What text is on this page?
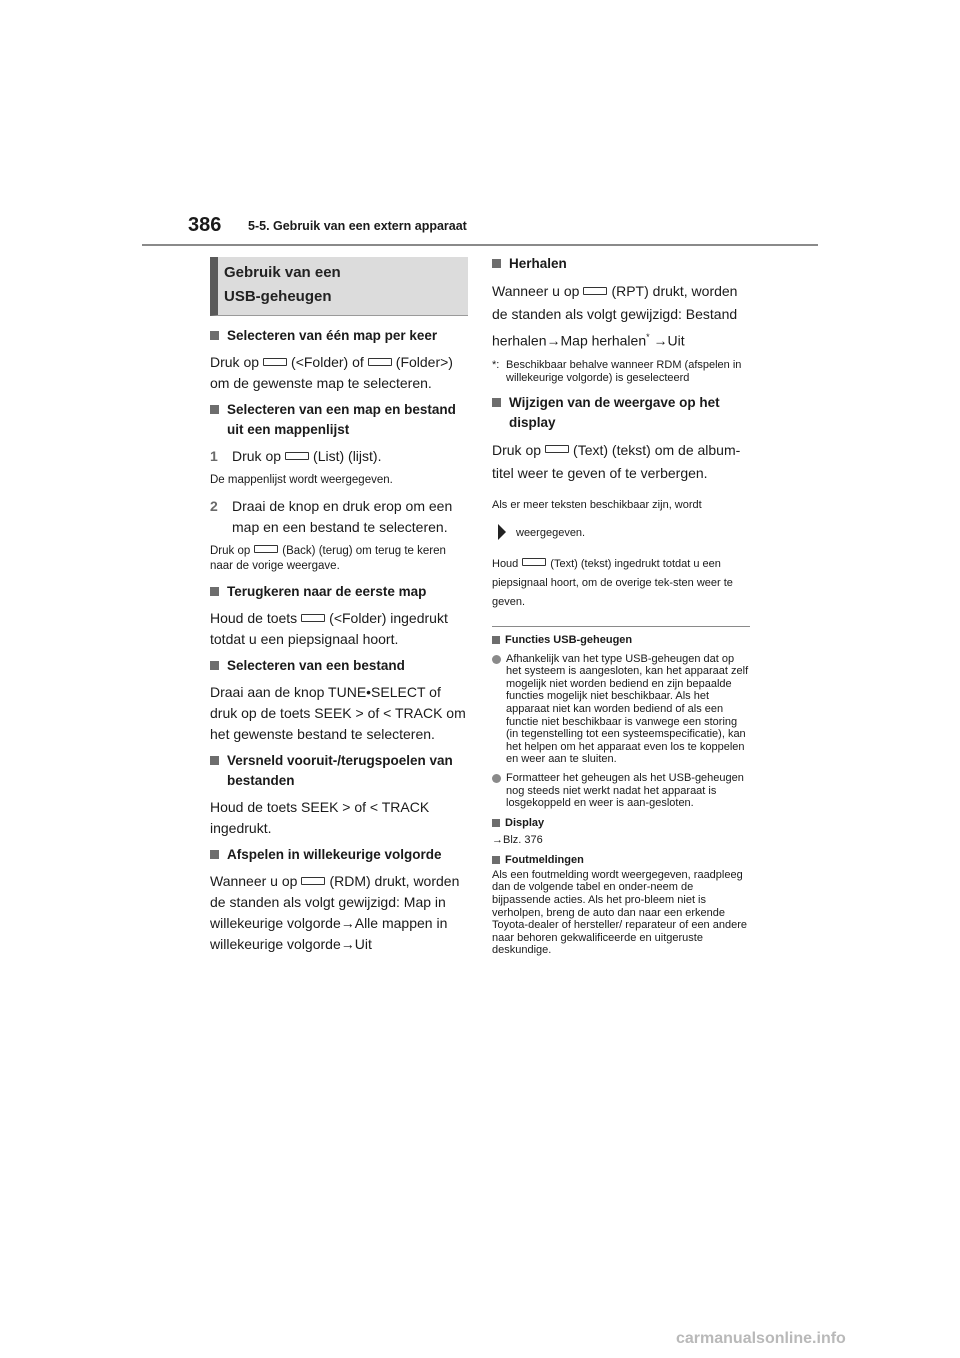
386 5-5. Gebruik van een extern apparaat
Gebruik van een
USB-geheugen
Selecteren van één map per keer
Druk op (<Folder) of (Folder>) om de gewenste map te selecteren.
Selecteren van een map en bestand uit een mappenlijst
1	Druk op (List) (lijst).
De mappenlijst wordt weergegeven.
2	Draai de knop en druk erop om een map en een bestand te selecteren.
Druk op	(Back) (terug) om terug te keren naar de vorige weergave.
Terugkeren naar de eerste map
Houd de toets (<Folder) ingedrukt totdat u een piepsignaal hoort.
Selecteren van een bestand
Draai aan de knop TUNE•SELECT of druk op de toets SEEK > of < TRACK om het gewenste bestand te selecteren.
Versneld vooruit-/terugspoelen van bestanden
Houd de toets SEEK > of < TRACK ingedrukt.
Afspelen in willekeurige volgorde
Wanneer u op (RDM) drukt, worden de standen als volgt gewijzigd: Map in willekeurige volgorde→Alle mappen in willekeurige volgorde→Uit
Herhalen
Wanneer u op (RPT) drukt, worden de standen als volgt gewijzigd: Bestand herhalen→Map herhalen* →Uit
*: Beschikbaar behalve wanneer RDM (afspelen in willekeurige volgorde) is geselecteerd
Wijzigen van de weergave op het display
Druk op (Text) (tekst) om de album-titel weer te geven of te verbergen.
Als er meer teksten beschikbaar zijn, wordt
weergegeven.
Houd	(Text) (tekst) ingedrukt totdat u een piepsignaal hoort, om de overige tek-sten weer te geven.
Functies USB-geheugen
Afhankelijk van het type USB-geheugen dat op het systeem is aangesloten, kan het apparaat zelf mogelijk niet worden bediend en zijn bepaalde functies mogelijk niet beschikbaar. Als het apparaat niet kan worden bediend of als een functie niet beschikbaar is vanwege een storing (in tegenstelling tot een systeemspecificatie), kan het helpen om het apparaat even los te koppelen en weer aan te sluiten.
Formatteer het geheugen als het USB-geheugen nog steeds niet werkt nadat het apparaat is losgekoppeld en weer is aan-gesloten.
Display
→Blz. 376
Foutmeldingen
Als een foutmelding wordt weergegeven, raadpleeg dan de volgende tabel en onder-neem de bijpassende acties. Als het pro-bleem niet is verholpen, breng de auto dan naar een erkende Toyota-dealer of hersteller/ reparateur of een andere naar behoren gekwalificeerde en uitgeruste deskundige.
carmanualsonline.info
